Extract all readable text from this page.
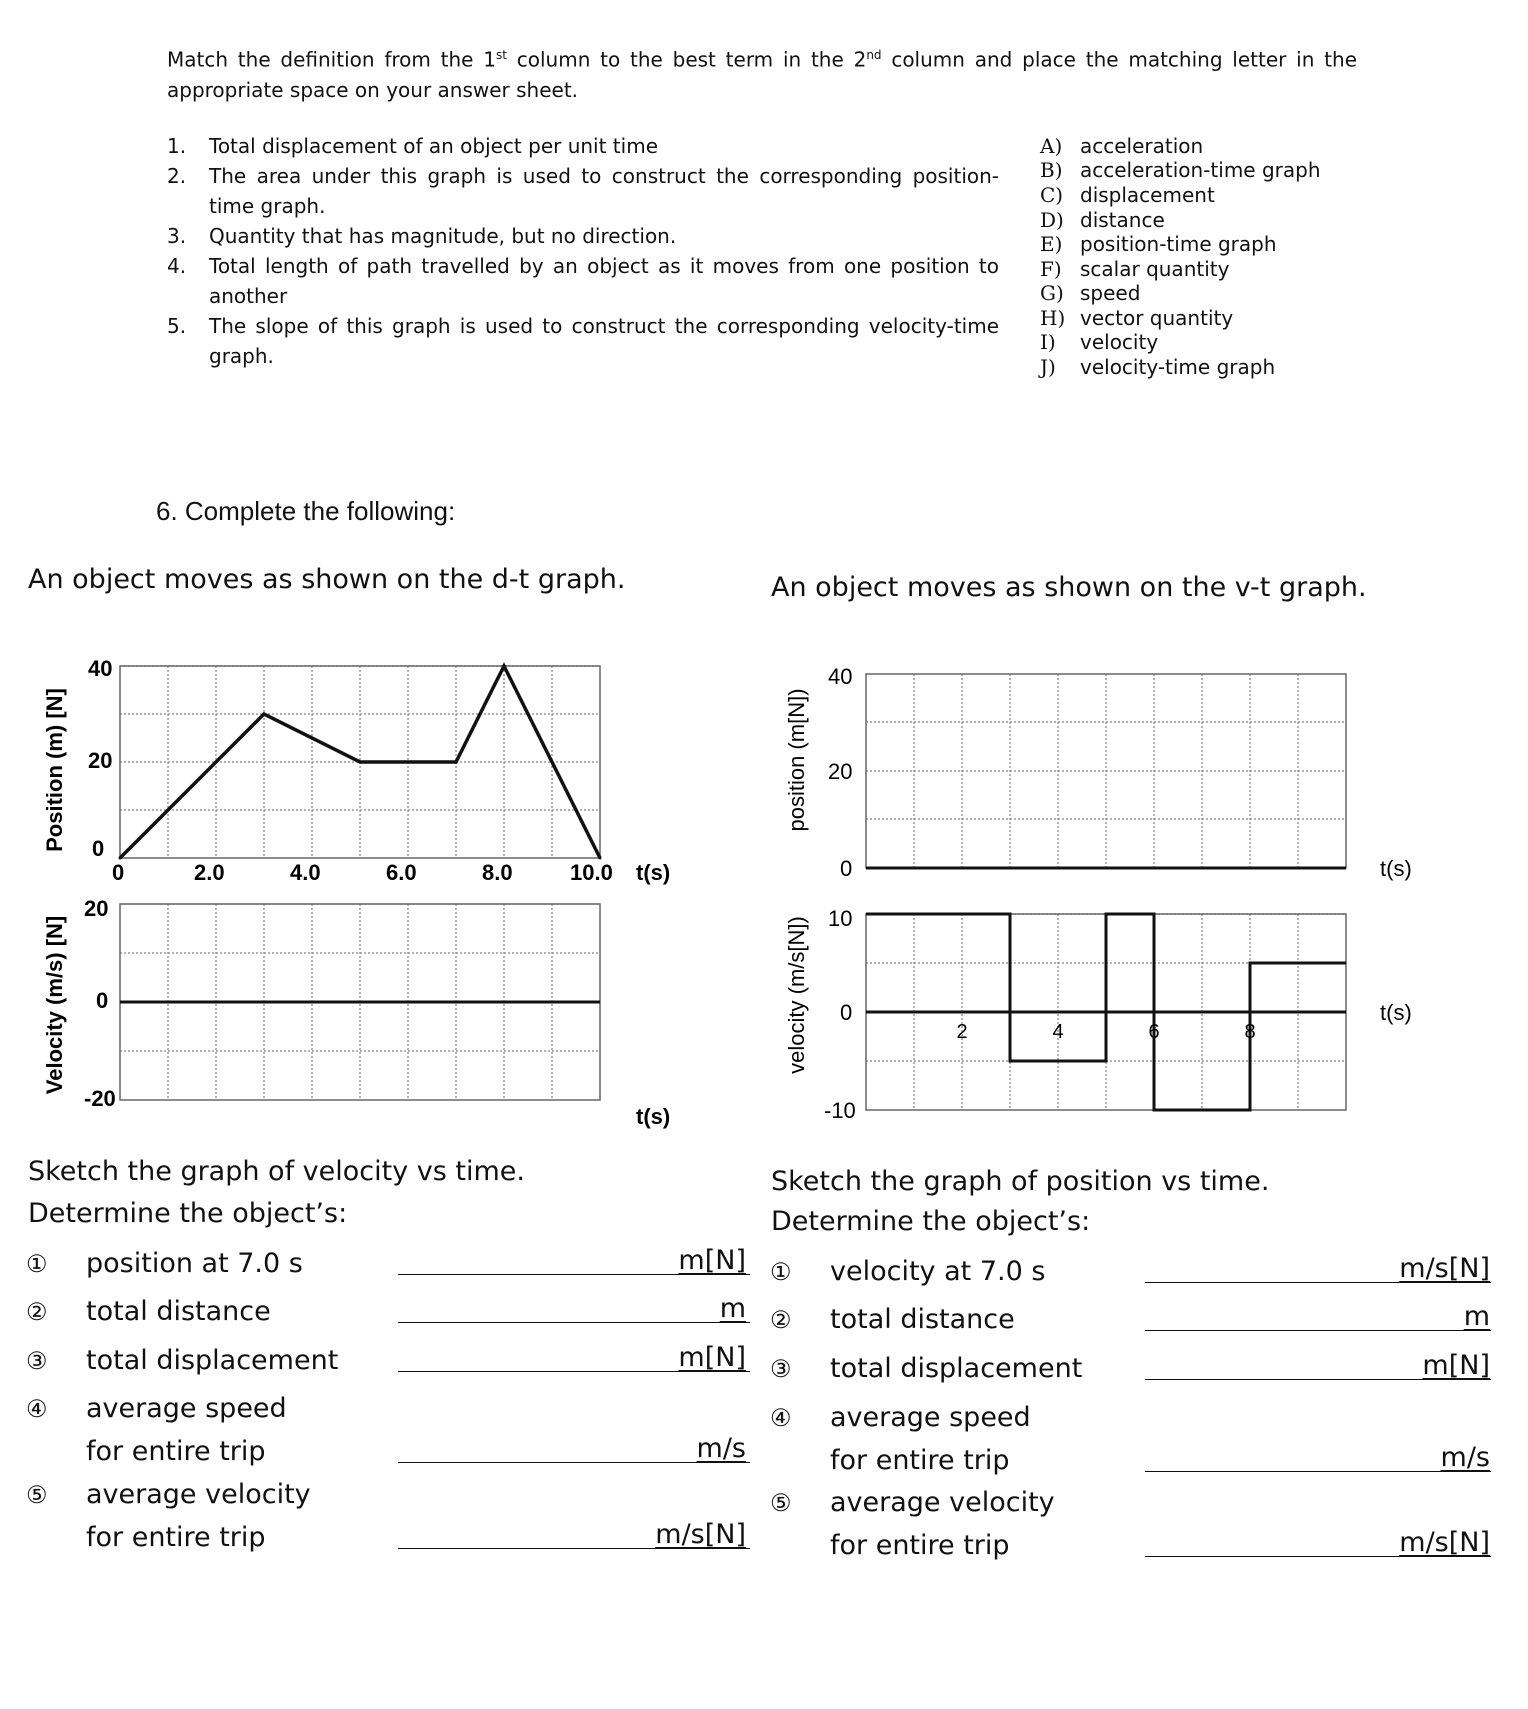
Match the definition from the 1st column to the best term in the 2nd column and place the matching letter in the appropriate space on your answer sheet.
1. Total displacement of an object per unit time
2. The area under this graph is used to construct the corresponding position-time graph.
3. Quantity that has magnitude, but no direction.
4. Total length of path travelled by an object as it moves from one position to another
5. The slope of this graph is used to construct the corresponding velocity-time graph.
A) acceleration
B) acceleration-time graph
C) displacement
D) distance
E) position-time graph
F) scalar quantity
G) speed
H) vector quantity
I) velocity
J) velocity-time graph
6. Complete the following:
An object moves as shown on the d-t graph.	An object moves as shown on the v-t graph.
Position (m) [N]
Velocity (m/s) [N]
40
20
0
0	2.0	4.0	6.0	8.0	10.0 t(s)
20
0
-20
t(s)
position (m[N])
velocity (m/s[N])
40
20
0	t(s)
10
0
-10
2	4	6	8
t(s)
Sketch the graph of velocity vs time.
Determine the object’s:
① position at 7.0 s	m[N]
② total distance	m
③ total displacement	m[N]
④ average speed
for entire trip	m/s
⑤ average velocity
for entire trip	m/s[N]
Sketch the graph of position vs time.
Determine the object’s:
① velocity at 7.0 s	m/s[N]
② total distance	m
③ total displacement	m[N]
④ average speed
for entire trip	m/s
⑤ average velocity
for entire trip	m/s[N]
